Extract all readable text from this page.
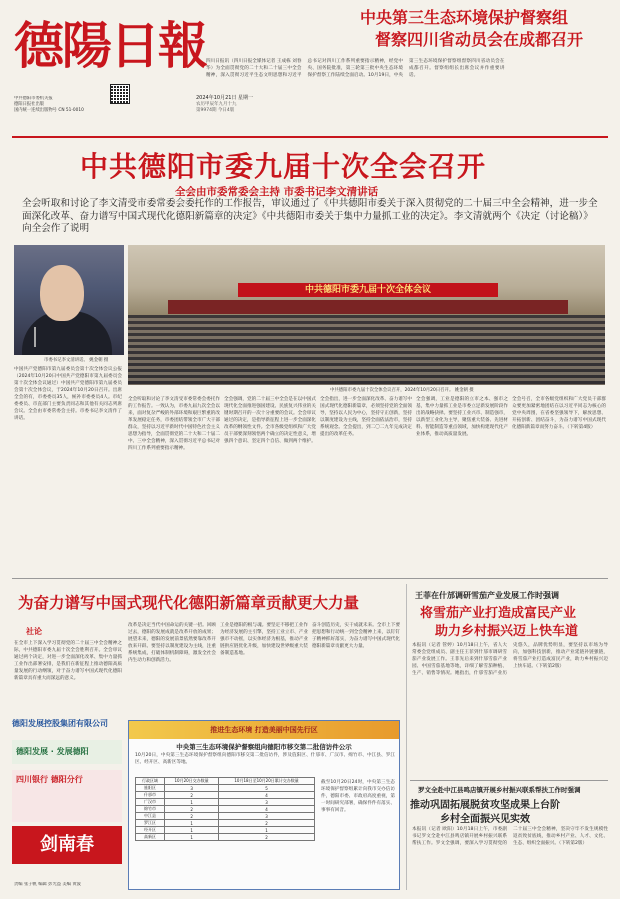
德陽日報
中共德阳市委机关报
德阳日报社出版
国内统一连续出版物号 CN 51-0010
2024年10月21日 星期一
农历甲辰年九月十九
第9974期 今日4版
中央第三生态环境保护督察组
督察四川省动员会在成都召开
四川日报讯（四川日报全媒体记者 王成栋 刘春华）为全面贯彻党的二十大和二十届三中全会精神，深入贯彻习近平生态文明思想和习近平总书记对四川工作系列重要指示精神，经党中央、国务院批准，第三轮第三批中央生态环境保护督察工作陆续全面启动。10月19日，中央第三生态环境保护督察组督察四川省动员会在成都召开。督察组组长出席会议并作重要讲话。
中共德阳市委九届十次全会召开
全会由市委常委会主持 市委书记李文清讲话
全会听取和讨论了李文清受市委常委会委托作的工作报告，审议通过了《中共德阳市委关于深入贯彻党的二十届三中全会精神，进一步全面深化改革、奋力谱写中国式现代化德阳新篇章的决定》《中共德阳市委关于集中力量抓工业的决定》。李文清就两个《决定（讨论稿）》向全会作了说明
市委书记李文清讲话。 姚金朝 摄
中共德阳市委九届十次全体会议
中共德阳市委九届十次全体会议召开，2024年10月20日召开。 姚金朝 摄
中国共产党德阳市第九届委员会第十次全体会议公报（2024年10月20日中国共产党德阳市第九届委员会第十次全体会议通过）中国共产党德阳市第九届委员会第十次全体会议，于2024年10月20日召开。出席全会的有，市委委员35人，候补市委委员4人。市纪委委员、市直部门主要负责同志和其他有关同志列席会议。全会由市委常委会主持。市委书记李文清作了讲话。
全会听取和讨论了李文清受市委常委会委托作的工作报告。一致认为，市委九届九次全会以来，面对复杂严峻的外部环境和艰巨繁重的改革发展稳定任务，市委团结带领全市广大干部群众，坚持以习近平新时代中国特色社会主义思想为指导，全面贯彻党的二十大和二十届二中、三中全会精神，深入贯彻习近平总书记对四川工作系列重要指示精神。
全会强调，党的二十届三中全会是在以中国式现代化全面推进强国建设、民族复兴伟业的关键时期召开的一次十分重要的会议。全会审议通过的决定，是指导新征程上进一步全面深化改革的纲领性文件。全市各级党组织和广大党员干部要深刻领悟两个确立的决定性意义，增强四个意识、坚定四个自信、做到两个维护。
全会指出，进一步全面深化改革、奋力谱写中国式现代化德阳新篇章，必须坚持党的全面领导，坚持以人民为中心，坚持守正创新，坚持以制度建设为主线，坚持全面依法治市，坚持系统观念。全会提出，到二〇二九年完成决定提出的改革任务。
全会强调，工业是德阳的立市之本、强市之基，集中力量抓工业是市委立足新发展阶段作出的战略抉择。要坚持工业兴市、制造强市，以新型工业化为主导，聚焦重大装备、先进材料、智能制造等重点领域，加快构建现代化产业体系，推动高质量发展。
全会号召，全市各级党组织和广大党员干部群众要更加紧密地团结在以习近平同志为核心的党中央周围，在省委坚强领导下，解放思想、开拓创新、团结奋斗，为奋力谱写中国式现代化德阳新篇章而努力奋斗。（下转第4版）
为奋力谱写中国式现代化德阳新篇章贡献更大力量
社论
在全市上下深入学习贯彻党的二十届三中全会精神之际，中共德阳市委九届十次全会胜利召开。全会审议通过两个决定，对进一步全面深化改革、集中力量抓工业作出部署安排，是我们在新征程上推动德阳高质量发展的行动纲领，对于奋力谱写中国式现代化德阳新篇章具有重大而深远的意义。
改革是决定当代中国命运的关键一招。回顾过去，德阳的发展成就是改革开放的成果；展望未来，德阳的发展前景依然要靠改革开放来开辟。要坚持以制度建设为主线，注重系统集成，打破体制机制障碍，激发全社会内生动力和创新活力。
工业是德阳的根与魂。要坚定不移把工业作为经济发展的主引擎，坚持工业立市、产业强市不动摇，以实体经济为根基，推动产业链供应链优化升级，加快建设世界级重大装备制造基地。
奋斗创造历史，实干成就未来。全市上下要把思想和行动统一到全会精神上来，以钉钉子精神抓好落实，为奋力谱写中国式现代化德阳新篇章贡献更大力量。
王菲在什邡调研雪茄产业发展工作时强调
将雪茄产业打造成富民产业
助力乡村振兴迈上快车道
本报讯（记者 管婷）10月18日上午，省人大常委会党组成员、副主任王菲到什邡市调研雪茄产业发展工作。王菲先后来到什邡雪茄产业园、中国雪茄基地等地，详细了解雪茄种植、生产、销售等情况。她指出，什邡雪茄产业历史悠久，品牌优势明显，要坚持以市场为导向，加强科技创新，推动产业延链补链强链，将雪茄产业打造成富民产业，助力乡村振兴迈上快车道。（下转第2版）
罗文全赴中江县鸣店镇开展乡村振兴联系帮扶工作时强调
推动巩固拓展脱贫攻坚成果上台阶
乡村全面振兴见实效
本报讯（记者 欧阳）10月18日上午，市委副书记罗文全赴中江县鸣店镇开展乡村振兴联系帮扶工作。罗文全强调，要深入学习贯彻党的二十届三中全会精神，坚决守牢不发生规模性返贫致贫底线，推动乡村产业、人才、文化、生态、组织全面振兴。（下转第2版）
德阳发展控股集团有限公司
德阳发展 · 发展德阳
四川银行 德阳分行
剑南春
责编 张子帆 编辑 彭光益 美编 黄波
推进生态环境 打造美丽中国先行区
中央第三生态环境保护督察组向德阳市移交第二批信访件公示
10月20日，中央第三生态环境保护督察组向德阳市移交第二批信访件，涉及旌阳区、什邡市、广汉市、绵竹市、中江县、罗江区、经开区、高新区等地。
行政区域	10月20日交办数量	10月18日至10月20日累计交办数量
旌阳区	3	5
什邡市	2	4
广汉市	1	3
绵竹市	2	4
中江县	2	3
罗江区	1	2
经开区	1	1
高新区	1	2
截至10月20日24时，中央第三生态环境保护督察组累计向我市交办信访件，德阳市委、市政府高度重视，第一时间研究部署，确保件件有落实、事事有回音。
